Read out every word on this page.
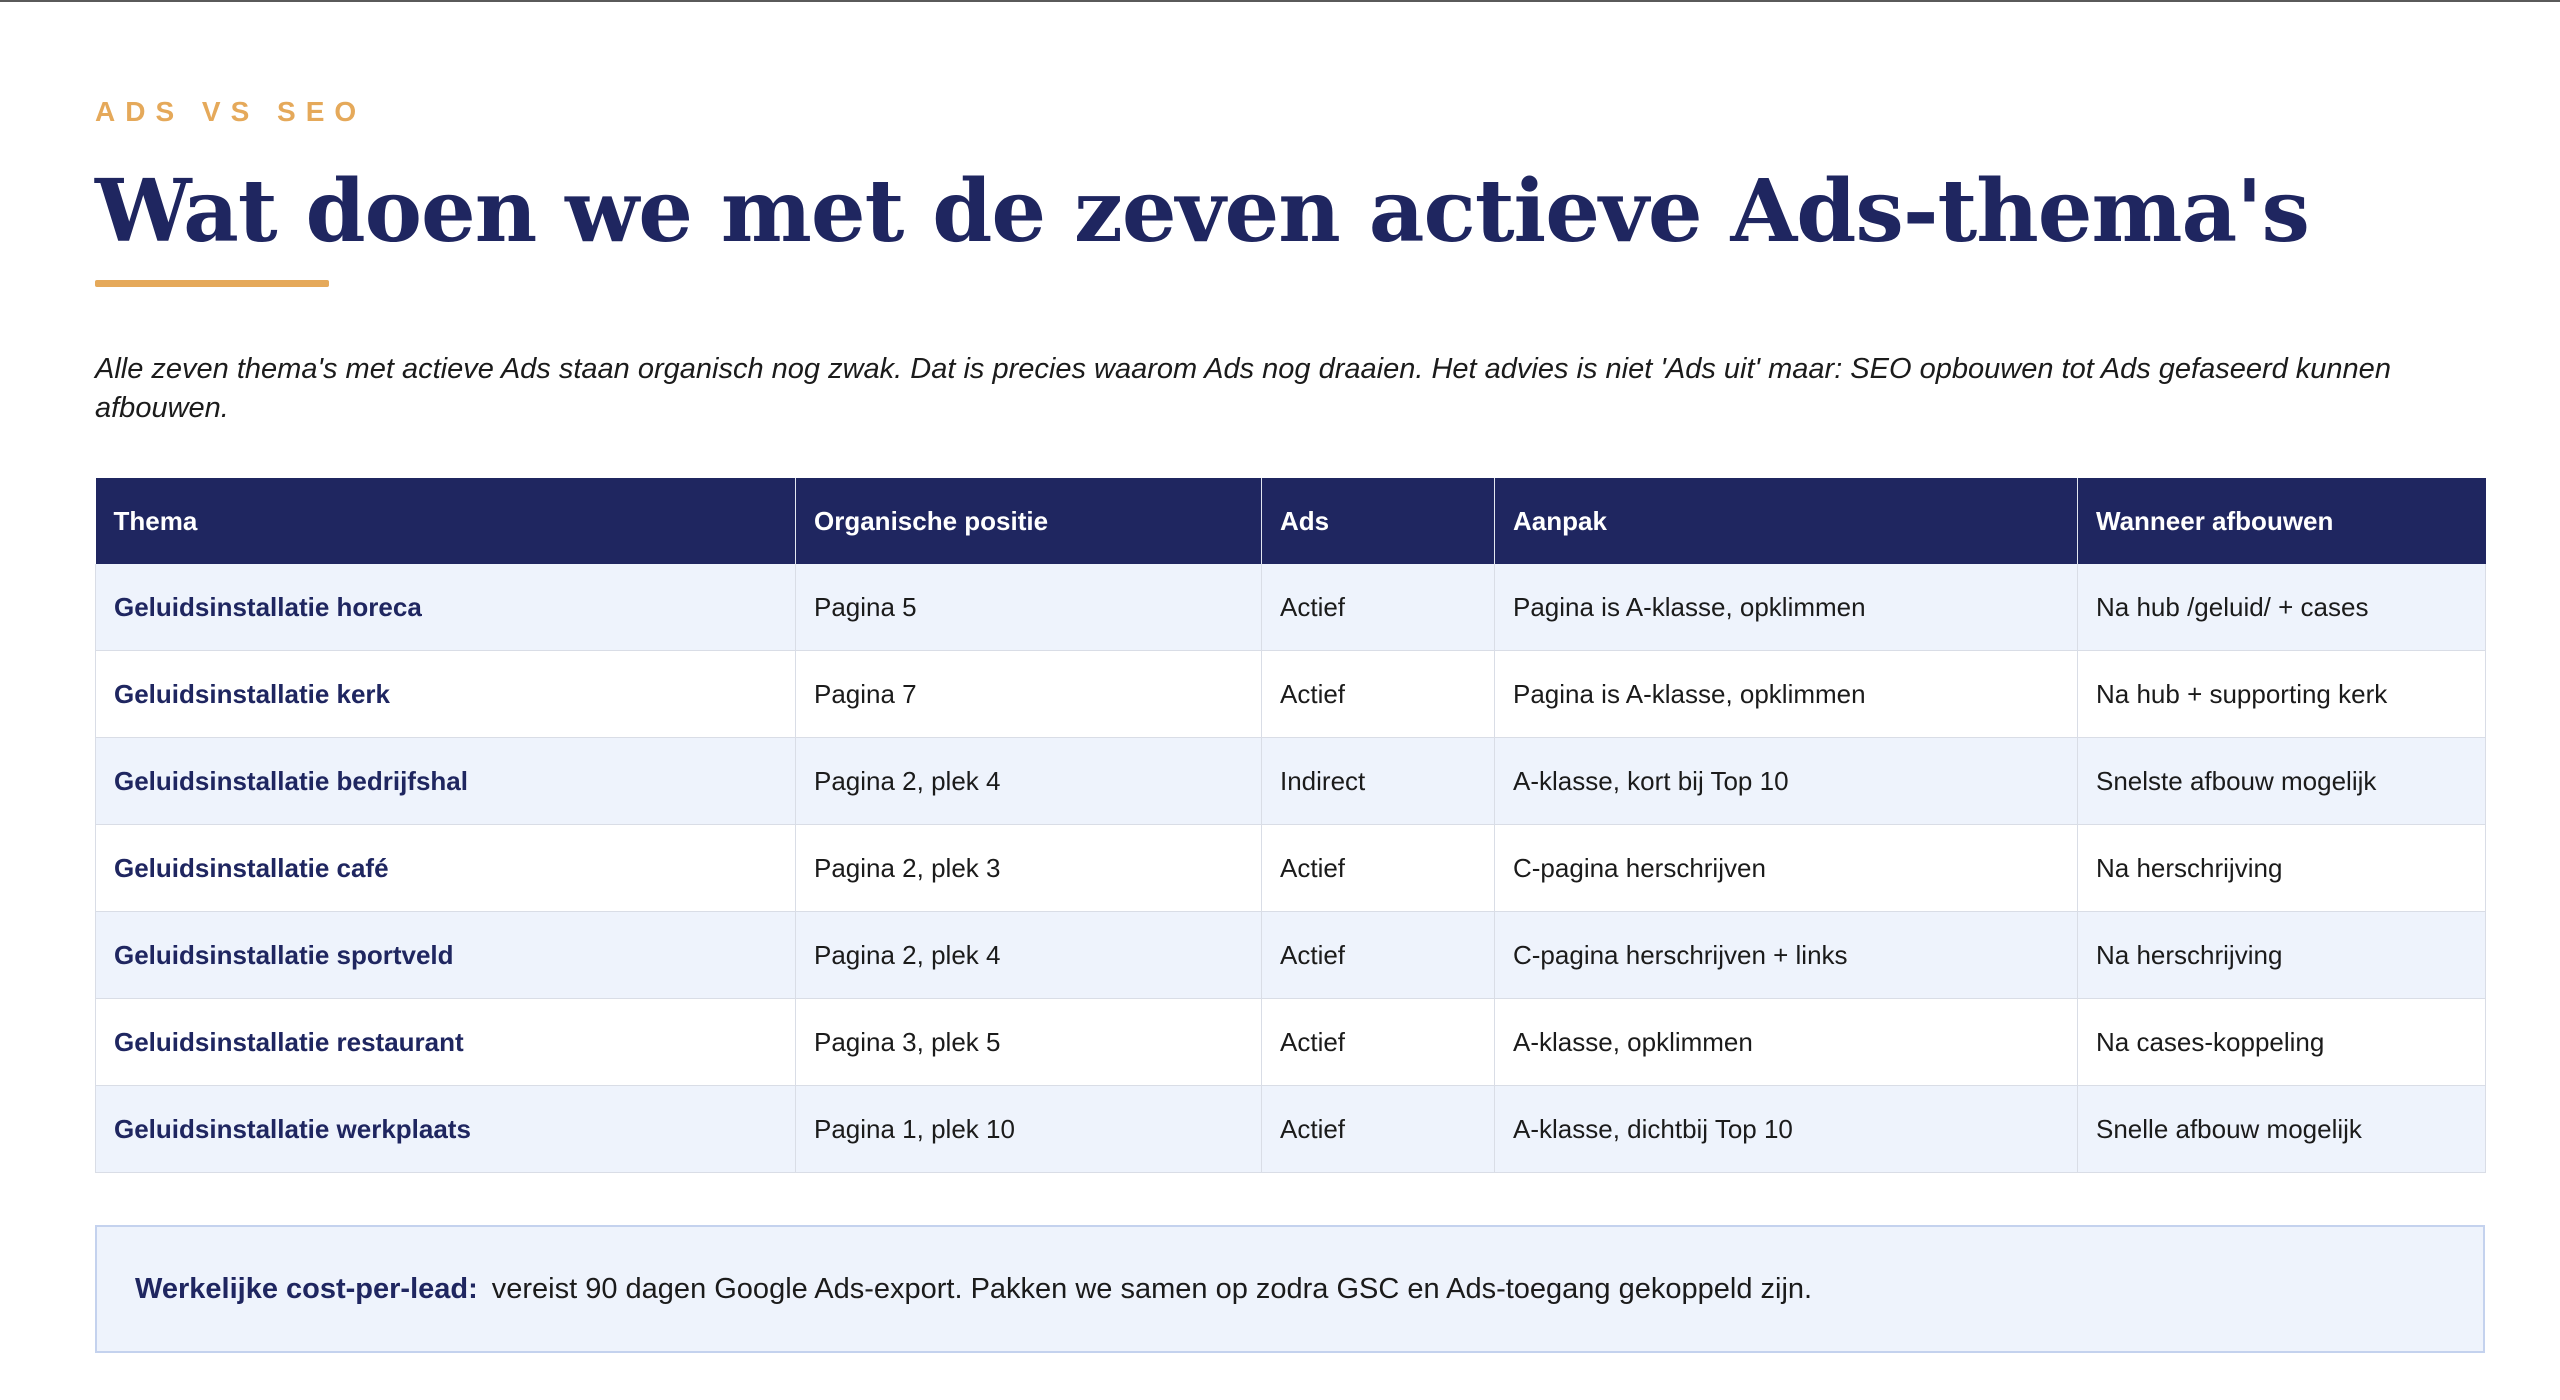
ADS VS SEO
Wat doen we met de zeven actieve Ads-thema's

Alle zeven thema's met actieve Ads staan organisch nog zwak. Dat is precies waarom Ads nog draaien. Het advies is niet 'Ads uit' maar: SEO opbouwen tot Ads gefaseerd kunnen afbouwen.

Thema	Organische positie	Ads	Aanpak	Wanneer afbouwen
Geluidsinstallatie horeca	Pagina 5	Actief	Pagina is A-klasse, opklimmen	Na hub /geluid/ + cases
Geluidsinstallatie kerk	Pagina 7	Actief	Pagina is A-klasse, opklimmen	Na hub + supporting kerk
Geluidsinstallatie bedrijfshal	Pagina 2, plek 4	Indirect	A-klasse, kort bij Top 10	Snelste afbouw mogelijk
Geluidsinstallatie café	Pagina 2, plek 3	Actief	C-pagina herschrijven	Na herschrijving
Geluidsinstallatie sportveld	Pagina 2, plek 4	Actief	C-pagina herschrijven + links	Na herschrijving
Geluidsinstallatie restaurant	Pagina 3, plek 5	Actief	A-klasse, opklimmen	Na cases-koppeling
Geluidsinstallatie werkplaats	Pagina 1, plek 10	Actief	A-klasse, dichtbij Top 10	Snelle afbouw mogelijk
Werkelijke cost-per-lead: vereist 90 dagen Google Ads-export. Pakken we samen op zodra GSC en Ads-toegang gekoppeld zijn.
